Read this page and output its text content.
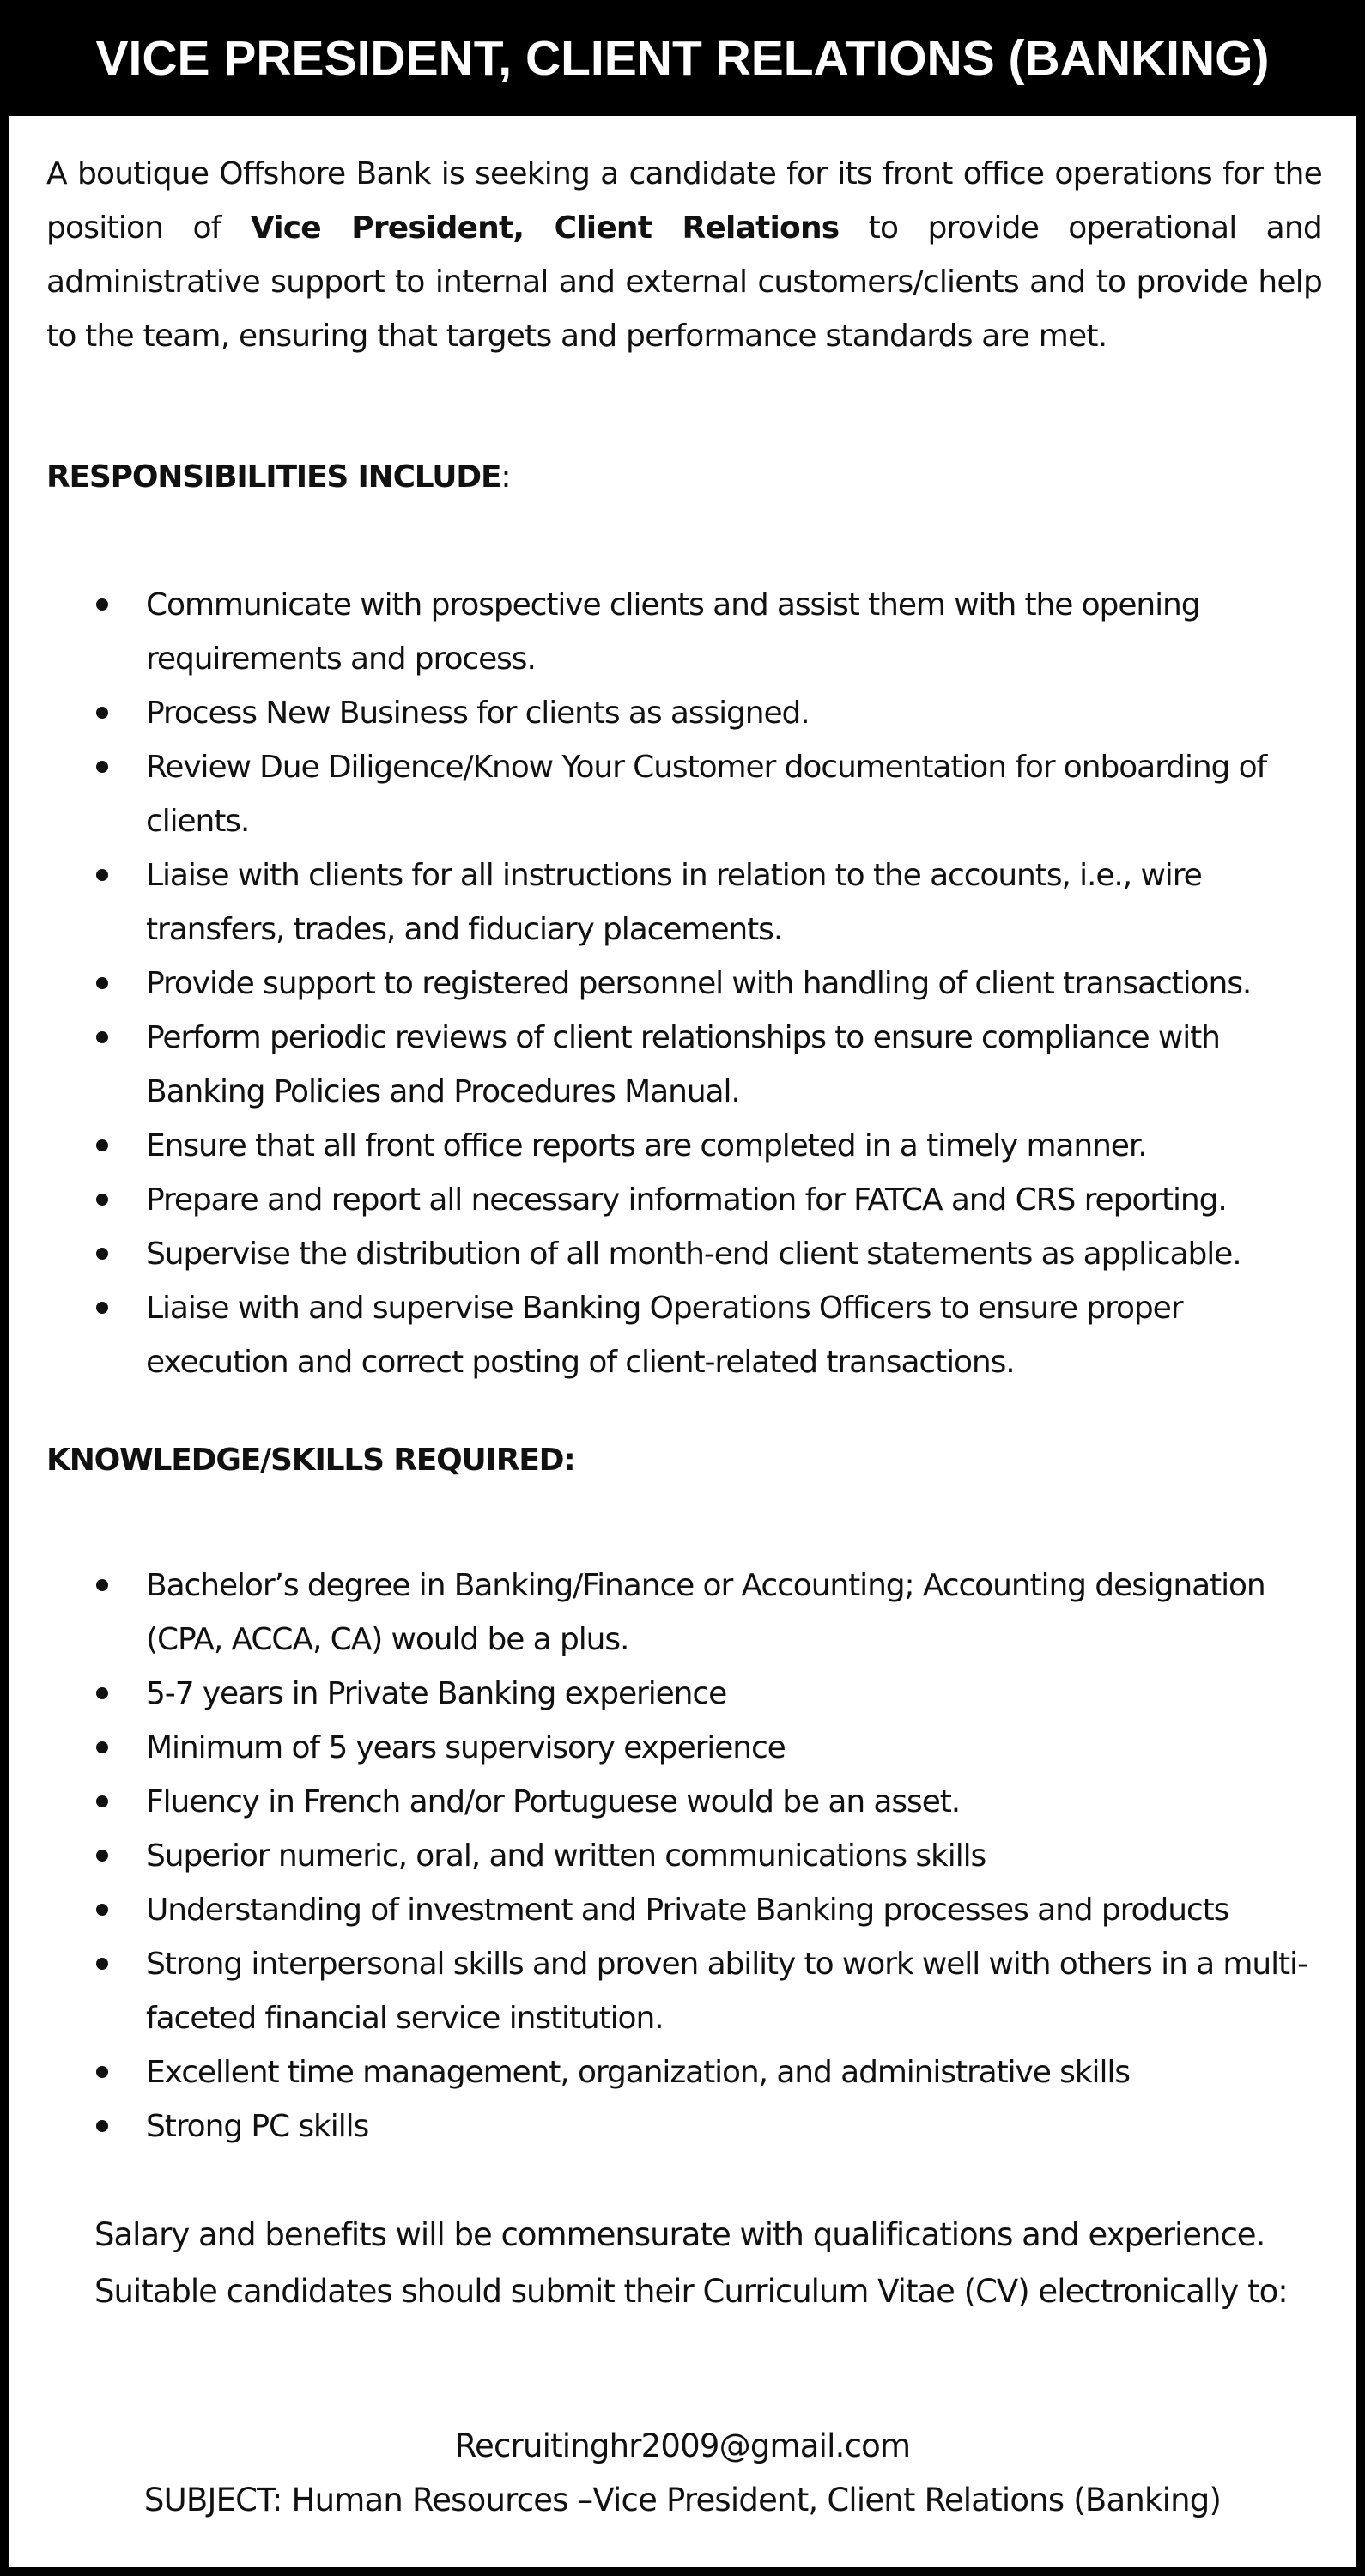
VICE PRESIDENT, CLIENT RELATIONS (BANKING)

A boutique Offshore Bank is seeking a candidate for its front office operations for the position of Vice President, Client Relations to provide operational and administrative support to internal and external customers/clients and to provide help to the team, ensuring that targets and performance standards are met.

RESPONSIBILITIES INCLUDE:
Communicate with prospective clients and assist them with the opening requirements and process.
Process New Business for clients as assigned.
Review Due Diligence/Know Your Customer documentation for onboarding of clients.
Liaise with clients for all instructions in relation to the accounts, i.e., wire transfers, trades, and fiduciary placements.
Provide support to registered personnel with handling of client transactions.
Perform periodic reviews of client relationships to ensure compliance with Banking Policies and Procedures Manual.
Ensure that all front office reports are completed in a timely manner.
Prepare and report all necessary information for FATCA and CRS reporting.
Supervise the distribution of all month-end client statements as applicable.
Liaise with and supervise Banking Operations Officers to ensure proper execution and correct posting of client-related transactions.
KNOWLEDGE/SKILLS REQUIRED:
Bachelor’s degree in Banking/Finance or Accounting; Accounting designation (CPA, ACCA, CA) would be a plus.
5-7 years in Private Banking experience
Minimum of 5 years supervisory experience
Fluency in French and/or Portuguese would be an asset.
Superior numeric, oral, and written communications skills
Understanding of investment and Private Banking processes and products
Strong interpersonal skills and proven ability to work well with others in a multi-faceted financial service institution.
Excellent time management, organization, and administrative skills
Strong PC skills

Salary and benefits will be commensurate with qualifications and experience. Suitable candidates should submit their Curriculum Vitae (CV) electronically to:

Recruitinghr2009@gmail.com

SUBJECT: Human Resources –Vice President, Client Relations (Banking)
